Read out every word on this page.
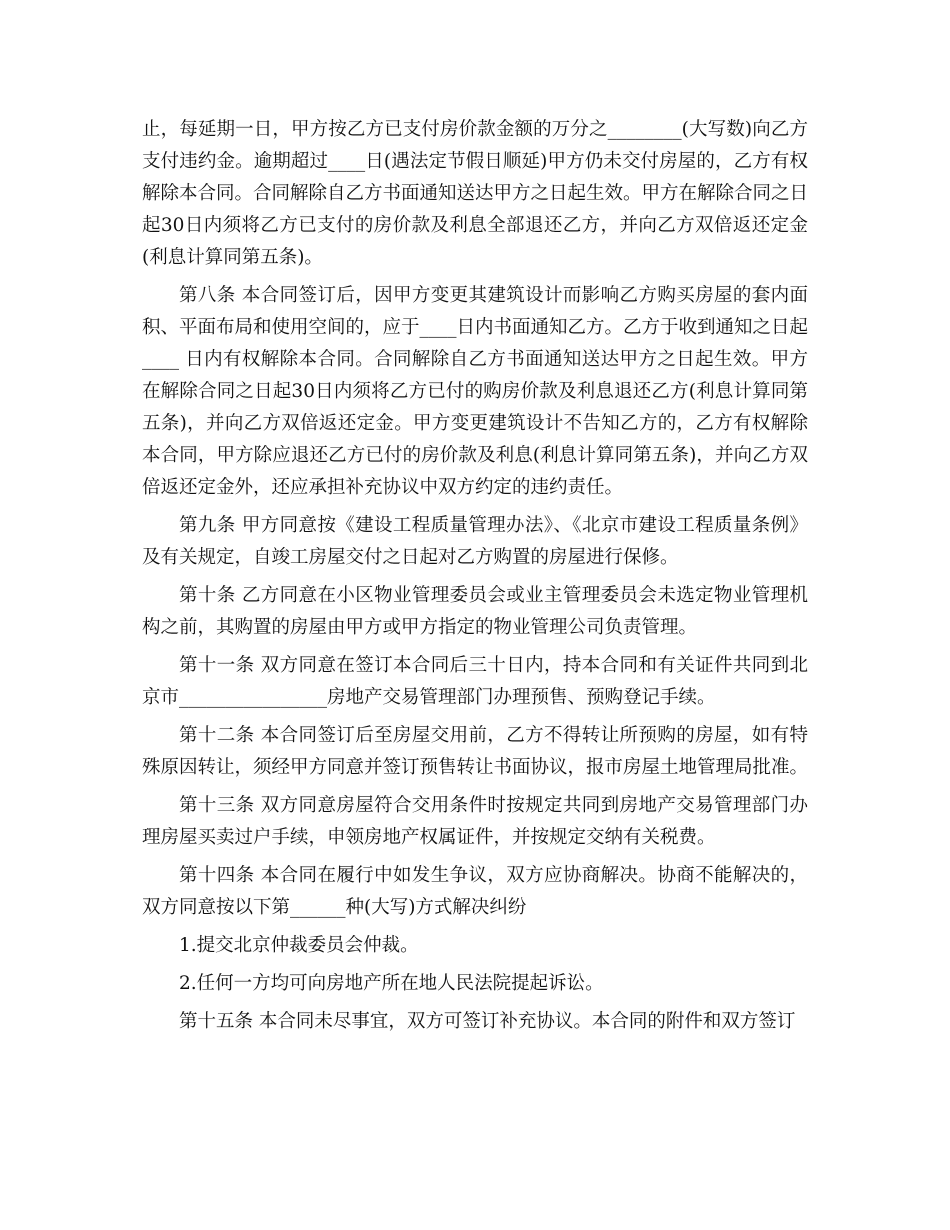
止，每延期一日，甲方按乙方已支付房价款金额的万分之________(大写数)向乙方支付违约金。逾期超过____日(遇法定节假日顺延)甲方仍未交付房屋的，乙方有权解除本合同。合同解除自乙方书面通知送达甲方之日起生效。甲方在解除合同之日起30日内须将乙方已支付的房价款及利息全部退还乙方，并向乙方双倍返还定金(利息计算同第五条)。

第八条 本合同签订后，因甲方变更其建筑设计而影响乙方购买房屋的套内面积、平面布局和使用空间的，应于____日内书面通知乙方。乙方于收到通知之日起____ 日内有权解除本合同。合同解除自乙方书面通知送达甲方之日起生效。甲方在解除合同之日起30日内须将乙方已付的购房价款及利息退还乙方(利息计算同第五条)，并向乙方双倍返还定金。甲方变更建筑设计不告知乙方的，乙方有权解除本合同，甲方除应退还乙方已付的房价款及利息(利息计算同第五条)，并向乙方双倍返还定金外，还应承担补充协议中双方约定的违约责任。

第九条 甲方同意按《建设工程质量管理办法》、《北京市建设工程质量条例》及有关规定，自竣工房屋交付之日起对乙方购置的房屋进行保修。

第十条 乙方同意在小区物业管理委员会或业主管理委员会未选定物业管理机构之前，其购置的房屋由甲方或甲方指定的物业管理公司负责管理。

第十一条 双方同意在签订本合同后三十日内，持本合同和有关证件共同到北京市________________房地产交易管理部门办理预售、预购登记手续。

第十二条 本合同签订后至房屋交用前，乙方不得转让所预购的房屋，如有特殊原因转让，须经甲方同意并签订预售转让书面协议，报市房屋土地管理局批准。

第十三条 双方同意房屋符合交用条件时按规定共同到房地产交易管理部门办理房屋买卖过户手续，申领房地产权属证件，并按规定交纳有关税费。

第十四条 本合同在履行中如发生争议，双方应协商解决。协商不能解决的，双方同意按以下第______种(大写)方式解决纠纷

1.提交北京仲裁委员会仲裁。

2.任何一方均可向房地产所在地人民法院提起诉讼。

第十五条 本合同未尽事宜，双方可签订补充协议。本合同的附件和双方签订
